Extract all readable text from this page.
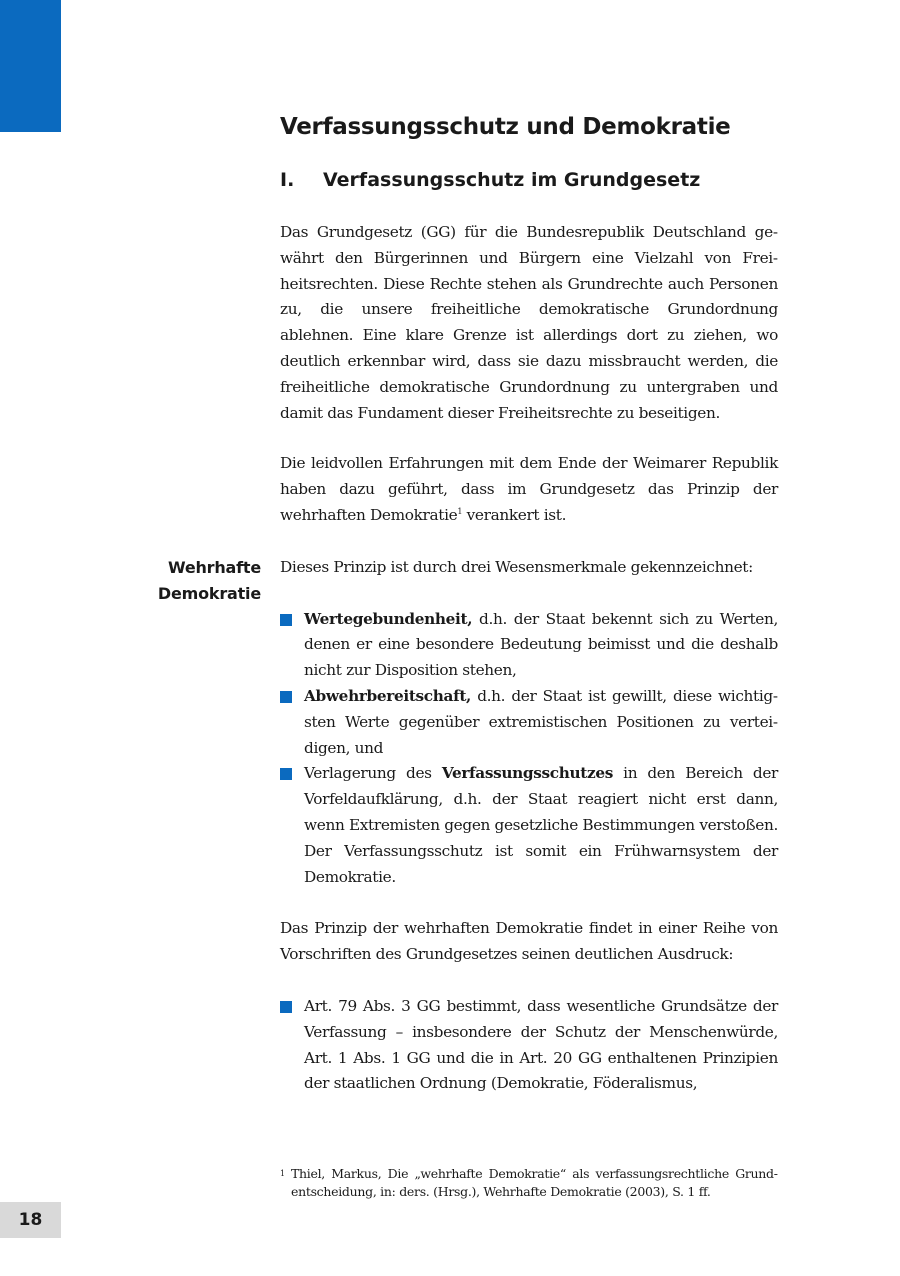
Verfassungsschutz und Demokratie
I.	Verfassungsschutz im Grundgesetz

Das Grundgesetz (GG) für die Bundesrepublik Deutschland gewährt den Bürgerinnen und Bürgern eine Vielzahl von Freiheitsrechten. Diese Rechte stehen als Grundrechte auch Personen zu, die unsere freiheitliche demokratische Grundordnung ablehnen. Eine klare Grenze ist allerdings dort zu ziehen, wo deutlich erkennbar wird, dass sie dazu missbraucht werden, die freiheitliche demokratische Grundordnung zu untergraben und damit das Fundament dieser Freiheitsrechte zu beseitigen.

Die leidvollen Erfahrungen mit dem Ende der Weimarer Republik haben dazu geführt, dass im Grundgesetz das Prinzip der wehrhaften Demokratie$^1$ verankert ist.

Wehrhafte
Demokratie

Dieses Prinzip ist durch drei Wesensmerkmale gekennzeichnet:

Wertegebundenheit, d.h. der Staat bekennt sich zu Werten, denen er eine besondere Bedeutung beimisst und die deshalb nicht zur Disposition stehen,
Abwehrbereitschaft, d.h. der Staat ist gewillt, diese wichtigsten Werte gegenüber extremistischen Positionen zu verteidigen, und
Verlagerung des Verfassungsschutzes in den Bereich der Vorfeldaufklärung, d.h. der Staat reagiert nicht erst dann, wenn Extremisten gegen gesetzliche Bestimmungen verstoßen. Der Verfassungsschutz ist somit ein Frühwarnsystem der Demokratie.

Das Prinzip der wehrhaften Demokratie findet in einer Reihe von Vorschriften des Grundgesetzes seinen deutlichen Ausdruck:

Art. 79 Abs. 3 GG bestimmt, dass wesentliche Grundsätze der Verfassung – insbesondere der Schutz der Menschenwürde, Art. 1 Abs. 1 GG und die in Art. 20 GG enthaltenen Prinzipien der staatlichen Ordnung (Demokratie, Föderalismus,
1 Thiel, Markus, Die „wehrhafte Demokratie“ als verfassungsrechtliche Grundentscheidung, in: ders. (Hrsg.), Wehrhafte Demokratie (2003), S. 1 ff.
18
